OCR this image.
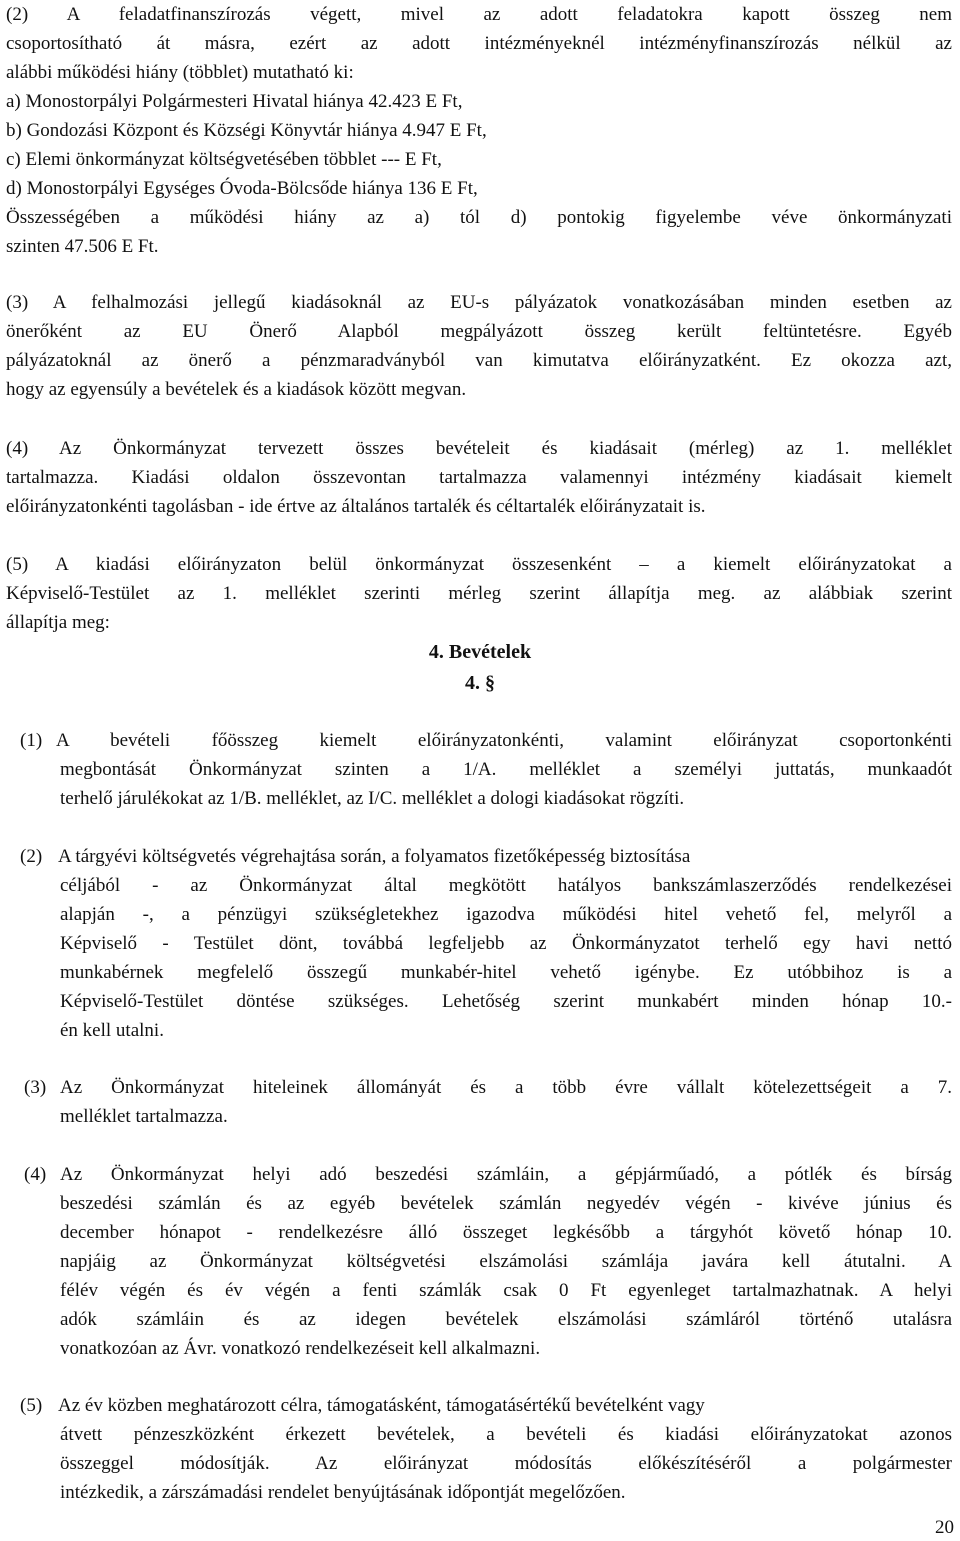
(2) A feladatfinanszírozás végett, mivel az adott feladatokra kapott összeg nem
csoportosítható át másra, ezért az adott intézményeknél intézményfinanszírozás nélkül az
alábbi működési hiány (többlet) mutatható ki:
a) Monostorpályi Polgármesteri Hivatal hiánya 42.423 E Ft,
b) Gondozási Központ és Községi Könyvtár hiánya 4.947 E Ft,
c) Elemi önkormányzat költségvetésében többlet --- E Ft,
d) Monostorpályi Egységes Óvoda-Bölcsőde hiánya 136 E Ft,
Összességében a működési hiány az a) tól d) pontokig figyelembe véve önkormányzati
szinten 47.506 E Ft.
(3) A felhalmozási jellegű kiadásoknál az EU-s pályázatok vonatkozásában minden esetben az
önerőként az EU Önerő Alapból megpályázott összeg került feltüntetésre. Egyéb
pályázatoknál az önerő a pénzmaradványból van kimutatva előirányzatként. Ez okozza azt,
hogy az egyensúly a bevételek és a kiadások között megvan.
(4) Az Önkormányzat tervezett összes bevételeit és kiadásait (mérleg) az 1. melléklet
tartalmazza. Kiadási oldalon összevontan tartalmazza valamennyi intézmény kiadásait kiemelt
előirányzatonkénti tagolásban - ide értve az általános tartalék és céltartalék előirányzatait is.
(5) A kiadási előirányzaton belül önkormányzat összesenként – a kiemelt előirányzatokat a
Képviselő-Testület az 1. melléklet szerinti mérleg szerint állapítja meg. az alábbiak szerint
állapítja meg:
4. Bevételek
4. §
(1) A bevételi főösszeg kiemelt előirányzatonkénti, valamint előirányzat csoportonkénti
megbontását Önkormányzat szinten a 1/A. melléklet a személyi juttatás, munkaadót
terhelő járulékokat az 1/B. melléklet, az I/C. melléklet a dologi kiadásokat rögzíti.
(2) A tárgyévi költségvetés végrehajtása során, a folyamatos fizetőképesség biztosítása
céljából - az Önkormányzat által megkötött hatályos bankszámlaszerződés rendelkezései
alapján -, a pénzügyi szükségletekhez igazodva működési hitel vehető fel, melyről a
Képviselő - Testület dönt, továbbá legfeljebb az Önkormányzatot terhelő egy havi nettó
munkabérnek megfelelő összegű munkabér-hitel vehető igénybe. Ez utóbbihoz is a
Képviselő-Testület döntése szükséges. Lehetőség szerint munkabért minden hónap 10.-
én kell utalni.
(3) Az Önkormányzat hiteleinek állományát és a több évre vállalt kötelezettségeit a 7.
melléklet tartalmazza.
(4) Az Önkormányzat helyi adó beszedési számláin, a gépjárműadó, a pótlék és bírság
beszedési számlán és az egyéb bevételek számlán negyedév végén - kivéve június és
december hónapot - rendelkezésre álló összeget legkésőbb a tárgyhót követő hónap 10.
napjáig az Önkormányzat költségvetési elszámolási számlája javára kell átutalni. A
félév végén és év végén a fenti számlák csak 0 Ft egyenleget tartalmazhatnak. A helyi
adók számláin és az idegen bevételek elszámolási számláról történő utalásra
vonatkozóan az Ávr. vonatkozó rendelkezéseit kell alkalmazni.
(5) Az év közben meghatározott célra, támogatásként, támogatásértékű bevételként vagy
átvett pénzeszközként érkezett bevételek, a bevételi és kiadási előirányzatokat azonos
összeggel módosítják. Az előirányzat módosítás előkészítéséről a polgármester
intézkedik, a zárszámadási rendelet benyújtásának időpontját megelőzően.
20
